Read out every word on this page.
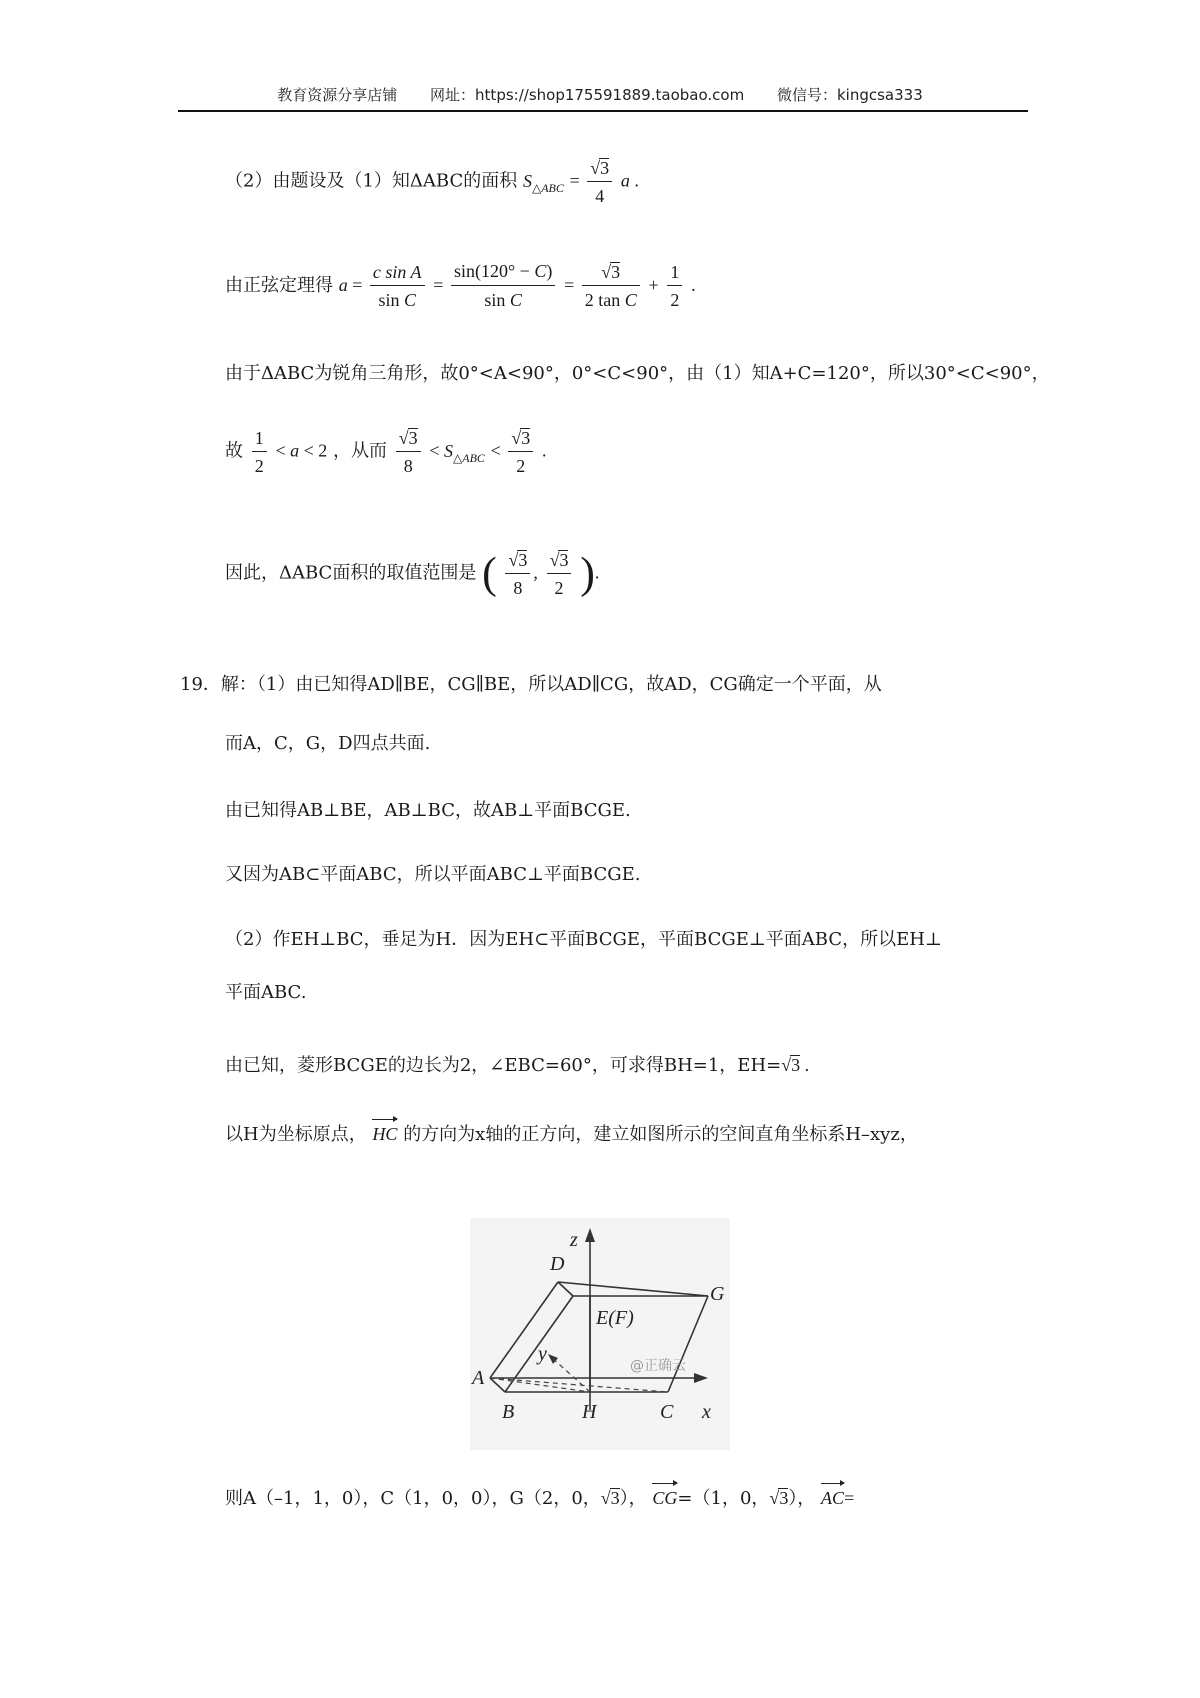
教育资源分享店铺 网址：https://shop175591889.taobao.com 微信号：kingcsa333
（2）由题设及（1）知ΔABC的面积 $S_{\triangle ABC} = \frac{√3}{4}$ a .
由正弦定理得 $a = \frac{\text{c sin A}}{\text{sin C}} = \frac{\sin(120^\circ - C)}{\text{sin C}} = \frac{√3}{\text{2 tan C}} + \frac{1}{2}$ .
由于ΔABC为锐角三角形，故0°<A<90°，0°<C<90°，由（1）知A+C=120°，所以30°<C<90°，
故 $\frac{1}{2} < a < 2$ ，从而 $\frac{√3}{8} < S_{\triangle ABC} < \frac{√3}{2}$ .
因此，ΔABC面积的取值范围是 ( $\frac{√3}{8}$ , $\frac{√3}{2}$ ).
19．解：（1）由已知得AD∥BE，CG∥BE，所以AD∥CG，故AD，CG确定一个平面，从
而A，C，G，D四点共面.
由已知得AB⊥BE，AB⊥BC，故AB⊥平面BCGE.
又因为AB⊂平面ABC，所以平面ABC⊥平面BCGE.
（2）作EH⊥BC，垂足为H．因为EH⊂平面BCGE，平面BCGE⊥平面ABC，所以EH⊥
平面ABC.
由已知，菱形BCGE的边长为2，∠EBC=60°，可求得BH=1，EH=√3 .
以H为坐标原点， HC 的方向为x轴的正方向，建立如图所示的空间直角坐标系H–xyz，
z
D
G
E(F)
y
A
B	H	C x
@正确云
则A（–1，1，0），C（1，0，0），G（2，0，√3）， CG=（1，0，√3）， AC=
